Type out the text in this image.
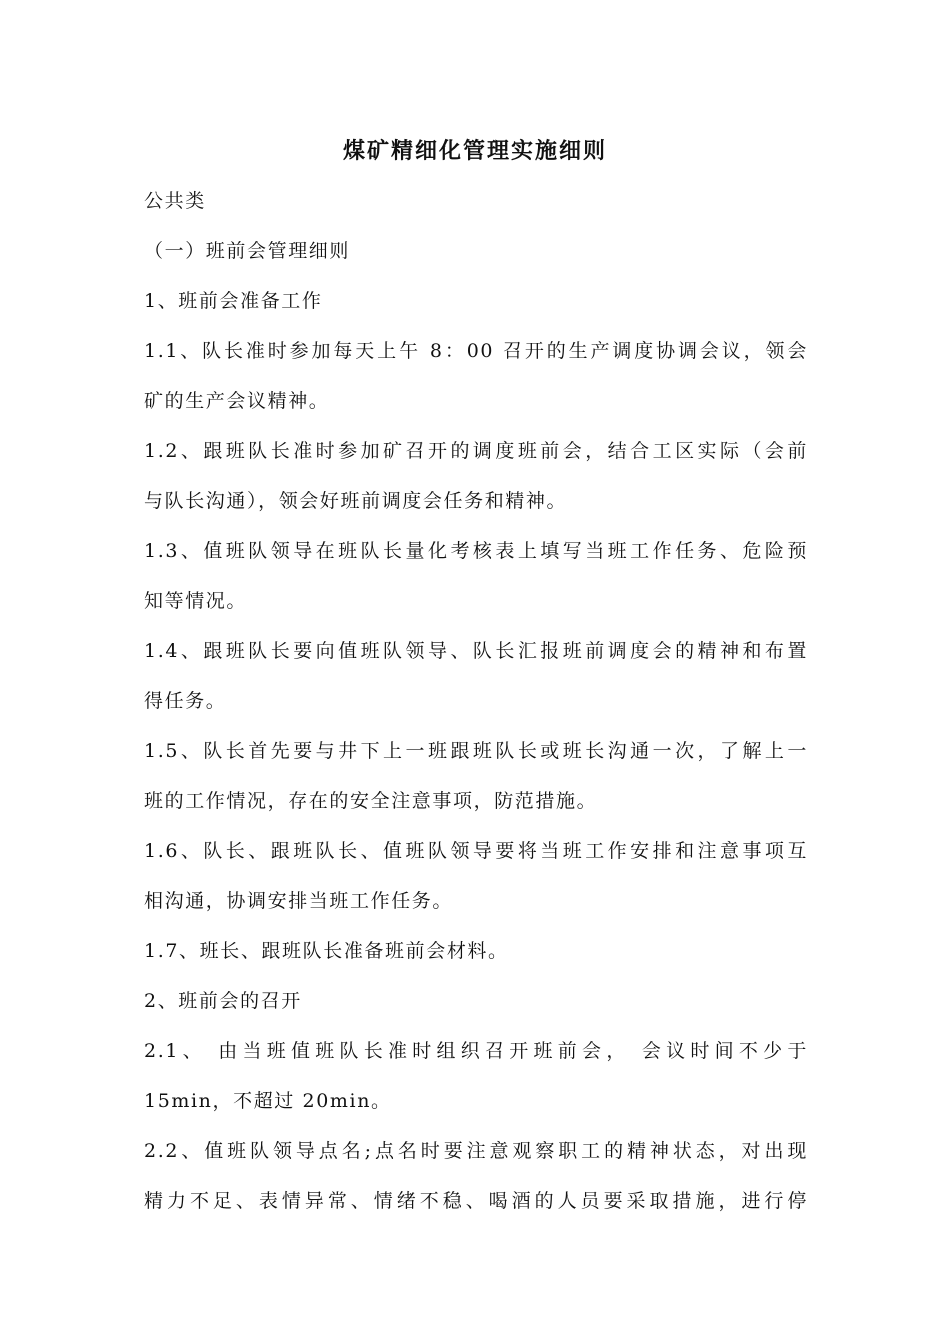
煤矿精细化管理实施细则
公共类
（一）班前会管理细则
1、班前会准备工作
1.1、队长准时参加每天上午 8：00 召开的生产调度协调会议，领会
矿的生产会议精神。
1.2、跟班队长准时参加矿召开的调度班前会，结合工区实际（会前
与队长沟通），领会好班前调度会任务和精神。
1.3、值班队领导在班队长量化考核表上填写当班工作任务、危险预
知等情况。
1.4、跟班队长要向值班队领导、队长汇报班前调度会的精神和布置
得任务。
1.5、队长首先要与井下上一班跟班队长或班长沟通一次，了解上一
班的工作情况，存在的安全注意事项，防范措施。
1.6、队长、跟班队长、值班队领导要将当班工作安排和注意事项互
相沟通，协调安排当班工作任务。
1.7、班长、跟班队长准备班前会材料。
2、班前会的召开
2.1、 由当班值班队长准时组织召开班前会， 会议时间不少于
15min，不超过 20min。
2.2、值班队领导点名;点名时要注意观察职工的精神状态，对出现
精力不足、表情异常、情绪不稳、喝酒的人员要采取措施，进行停
